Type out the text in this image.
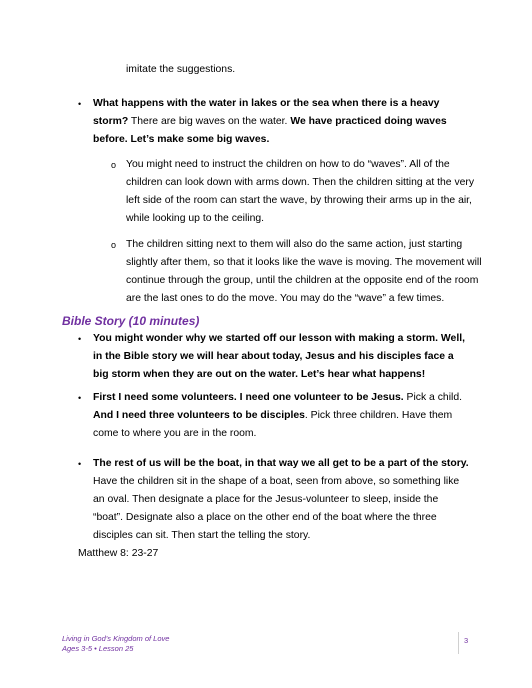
imitate the suggestions.

•	What happens with the water in lakes or the sea when there is a heavy storm? There are big waves on the water. We have practiced doing waves before. Let’s make some big waves.

o You might need to instruct the children on how to do “waves”. All of the children can look down with arms down. Then the children sitting at the very left side of the room can start the wave, by throwing their arms up in the air, while looking up to the ceiling.

o The children sitting next to them will also do the same action, just starting slightly after them, so that it looks like the wave is moving. The movement will continue through the group, until the children at the opposite end of the room are the last ones to do the move. You may do the “wave” a few times.

Bible Story (10 minutes)
•	You might wonder why we started off our lesson with making a storm. Well, in the Bible story we will hear about today, Jesus and his disciples face a big storm when they are out on the water. Let’s hear what happens!

•	First I need some volunteers. I need one volunteer to be Jesus. Pick a child. And I need three volunteers to be disciples. Pick three children. Have them come to where you are in the room.

•	The rest of us will be the boat, in that way we all get to be a part of the story. Have the children sit in the shape of a boat, seen from above, so something like an oval. Then designate a place for the Jesus-volunteer to sleep, inside the “boat”. Designate also a place on the other end of the boat where the three disciples can sit. Then start the telling the story.

Matthew 8: 23-27

Living in God’s Kingdom of Love
Ages 3-5 • Lesson 25
3
